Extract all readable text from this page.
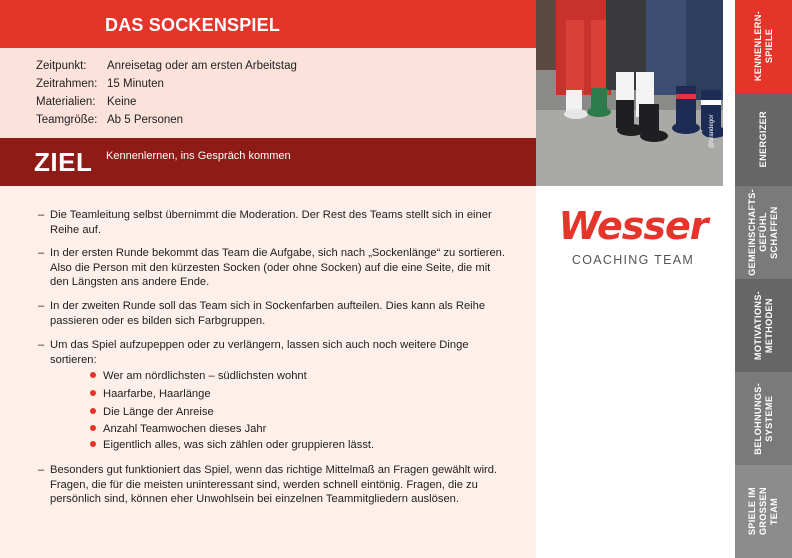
DAS SOCKENSPIEL
Zeitpunkt: Anreisetag oder am ersten Arbeitstag
Zeitrahmen: 15 Minuten
Materialien: Keine
Teamgröße: Ab 5 Personen
ZIEL Kennenlernen, ins Gespräch kommen
– Die Teamleitung selbst übernimmt die Moderation. Der Rest des Teams stellt sich in einer Reihe auf.
– In der ersten Runde bekommt das Team die Aufgabe, sich nach „Sockenlänge“ zu sortieren. Also die Person mit den kürzesten Socken (oder ohne Socken) auf die eine Seite, die mit den Längsten ans andere Ende.
– In der zweiten Runde soll das Team sich in Sockenfarben aufteilen. Dies kann als Reihe passieren oder es bilden sich Farbgruppen.
– Um das Spiel aufzupeppen oder zu verlängern, lassen sich auch noch weitere Dinge sortieren:
Wer am nördlichsten – südlichsten wohnt
Haarfarbe, Haarlänge
Die Länge der Anreise
Anzahl Teamwochen dieses Jahr
Eigentlich alles, was sich zählen oder gruppieren lässt.
– Besonders gut funktioniert das Spiel, wenn das richtige Mittelmaß an Fragen gewählt wird. Fragen, die für die meisten uninteressant sind, werden schnell eintönig. Fragen, die zu persönlich sind, können eher Unwohlsein bei einzelnen Teammitgliedern auslösen.
@brandegor
Wesser
COACHING TEAM
KENNENLERN-
SPIELE
ENERGIZER
GEMEINSCHAFTS-
GEFÜHL
SCHAFFEN
MOTIVATIONS-
METHODEN
BELOHNUNGS-
SYSTEME
SPIELE IM
GROSSEN
TEAM
